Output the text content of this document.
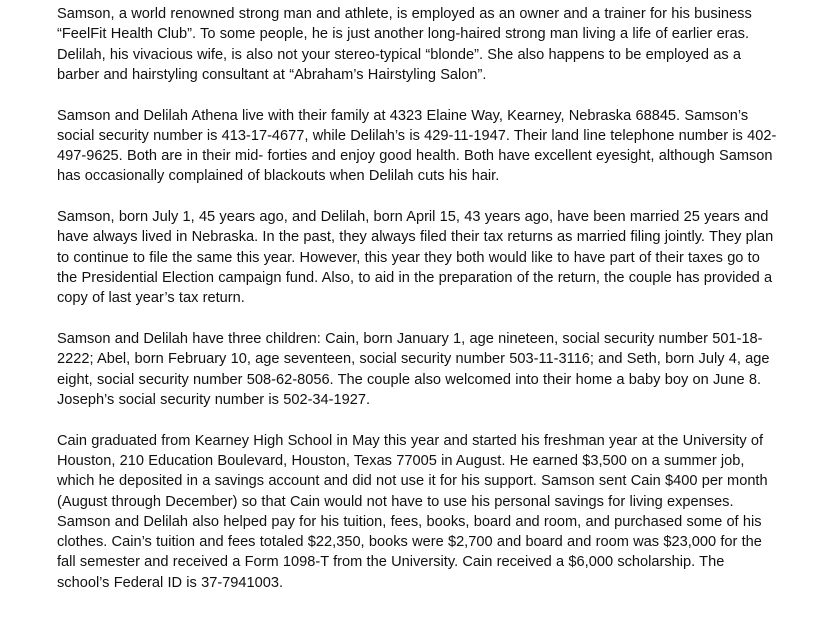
Samson, a world renowned strong man and athlete, is employed as an owner and a trainer for his business “FeelFit Health Club”. To some people, he is just another long-haired strong man living a life of earlier eras. Delilah, his vivacious wife, is also not your stereo-typical “blonde”. She also happens to be employed as a barber and hairstyling consultant at “Abraham’s Hairstyling Salon”.

Samson and Delilah Athena live with their family at 4323 Elaine Way, Kearney, Nebraska 68845. Samson’s social security number is 413-17-4677, while Delilah’s is 429-11-1947. Their land line telephone number is 402-497-9625. Both are in their mid- forties and enjoy good health. Both have excellent eyesight, although Samson has occasionally complained of blackouts when Delilah cuts his hair.

Samson, born July 1, 45 years ago, and Delilah, born April 15, 43 years ago, have been married 25 years and have always lived in Nebraska. In the past, they always filed their tax returns as married filing jointly. They plan to continue to file the same this year. However, this year they both would like to have part of their taxes go to the Presidential Election campaign fund. Also, to aid in the preparation of the return, the couple has provided a copy of last year’s tax return.

Samson and Delilah have three children: Cain, born January 1, age nineteen, social security number 501-18-2222; Abel, born February 10, age seventeen, social security number 503-11-3116; and Seth, born July 4, age eight, social security number 508-62-8056. The couple also welcomed into their home a baby boy on June 8. Joseph’s social security number is 502-34-1927.

Cain graduated from Kearney High School in May this year and started his freshman year at the University of Houston, 210 Education Boulevard, Houston, Texas 77005 in August. He earned $3,500 on a summer job, which he deposited in a savings account and did not use it for his support. Samson sent Cain $400 per month (August through December) so that Cain would not have to use his personal savings for living expenses. Samson and Delilah also helped pay for his tuition, fees, books, board and room, and purchased some of his clothes. Cain’s tuition and fees totaled $22,350, books were $2,700 and board and room was $23,000 for the fall semester and received a Form 1098-T from the University. Cain received a $6,000 scholarship. The school’s Federal ID is 37-7941003.
